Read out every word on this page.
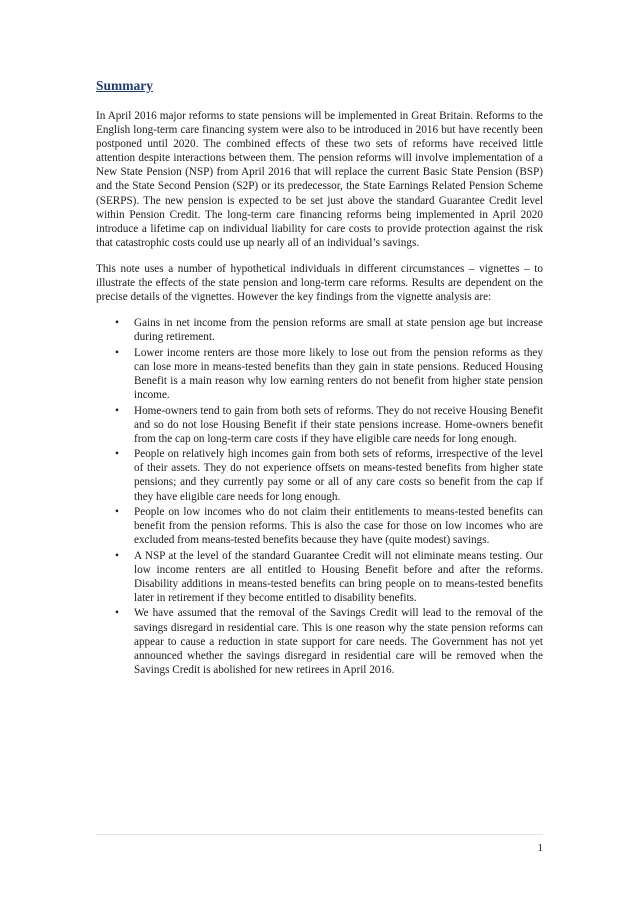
Summary

In April 2016 major reforms to state pensions will be implemented in Great Britain. Reforms to the English long-term care financing system were also to be introduced in 2016 but have recently been postponed until 2020. The combined effects of these two sets of reforms have received little attention despite interactions between them. The pension reforms will involve implementation of a New State Pension (NSP) from April 2016 that will replace the current Basic State Pension (BSP) and the State Second Pension (S2P) or its predecessor, the State Earnings Related Pension Scheme (SERPS). The new pension is expected to be set just above the standard Guarantee Credit level within Pension Credit. The long-term care financing reforms being implemented in April 2020 introduce a lifetime cap on individual liability for care costs to provide protection against the risk that catastrophic costs could use up nearly all of an individual’s savings.

This note uses a number of hypothetical individuals in different circumstances – vignettes – to illustrate the effects of the state pension and long-term care reforms. Results are dependent on the precise details of the vignettes. However the key findings from the vignette analysis are:

• Gains in net income from the pension reforms are small at state pension age but increase during retirement.
• Lower income renters are those more likely to lose out from the pension reforms as they can lose more in means-tested benefits than they gain in state pensions. Reduced Housing Benefit is a main reason why low earning renters do not benefit from higher state pension income.
• Home-owners tend to gain from both sets of reforms. They do not receive Housing Benefit and so do not lose Housing Benefit if their state pensions increase. Home-owners benefit from the cap on long-term care costs if they have eligible care needs for long enough.
• People on relatively high incomes gain from both sets of reforms, irrespective of the level of their assets. They do not experience offsets on means-tested benefits from higher state pensions; and they currently pay some or all of any care costs so benefit from the cap if they have eligible care needs for long enough.
• People on low incomes who do not claim their entitlements to means-tested benefits can benefit from the pension reforms. This is also the case for those on low incomes who are excluded from means-tested benefits because they have (quite modest) savings.
• A NSP at the level of the standard Guarantee Credit will not eliminate means testing. Our low income renters are all entitled to Housing Benefit before and after the reforms. Disability additions in means-tested benefits can bring people on to means-tested benefits later in retirement if they become entitled to disability benefits.
• We have assumed that the removal of the Savings Credit will lead to the removal of the savings disregard in residential care. This is one reason why the state pension reforms can appear to cause a reduction in state support for care needs. The Government has not yet announced whether the savings disregard in residential care will be removed when the Savings Credit is abolished for new retirees in April 2016.
1
